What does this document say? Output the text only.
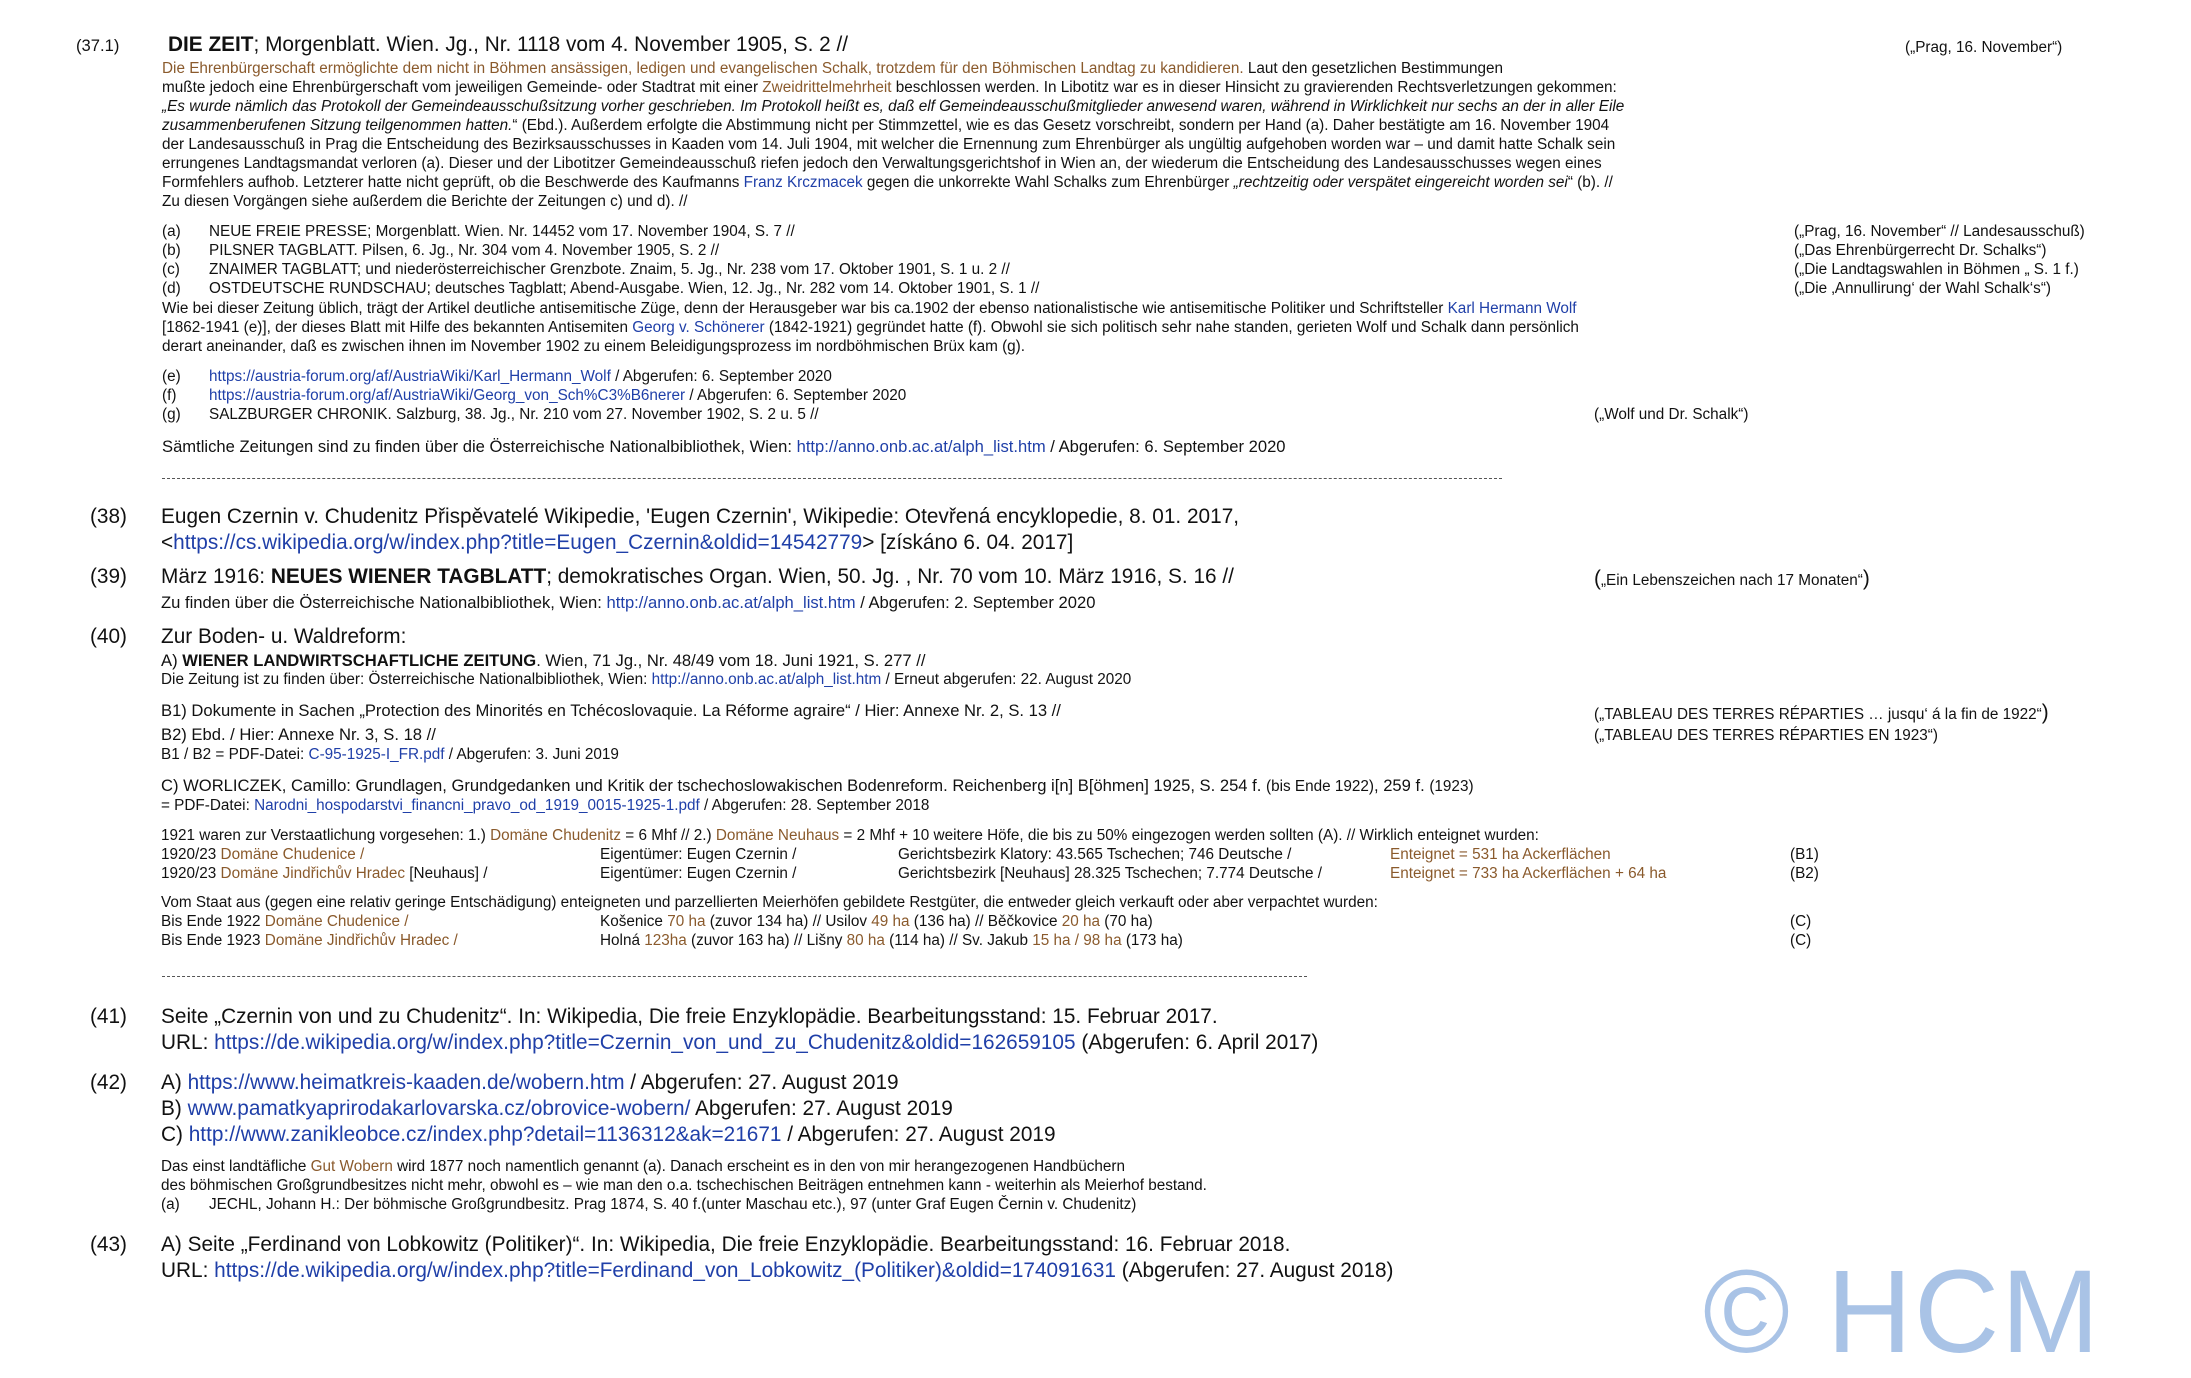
(37.1) DIE ZEIT; Morgenblatt. Wien. Jg., Nr. 1118 vom 4. November 1905, S. 2 //	(„Prag, 16. November“)
Die Ehrenbürgerschaft ermöglichte dem nicht in Böhmen ansässigen, ledigen und evangelischen Schalk, trotzdem für den Böhmischen Landtag zu kandidieren. Laut den gesetzlichen Bestimmungen
mußte jedoch eine Ehrenbürgerschaft vom jeweiligen Gemeinde- oder Stadtrat mit einer Zweidrittelmehrheit beschlossen werden. In Libotitz war es in dieser Hinsicht zu gravierenden Rechtsverletzungen gekommen:
„Es wurde nämlich das Protokoll der Gemeindeausschußsitzung vorher geschrieben. Im Protokoll heißt es, daß elf Gemeindeausschußmitglieder anwesend waren, während in Wirklichkeit nur sechs an der in aller Eile
zusammenberufenen Sitzung teilgenommen hatten.“ (Ebd.). Außerdem erfolgte die Abstimmung nicht per Stimmzettel, wie es das Gesetz vorschreibt, sondern per Hand (a). Daher bestätigte am 16. November 1904
der Landesausschuß in Prag die Entscheidung des Bezirksausschusses in Kaaden vom 14. Juli 1904, mit welcher die Ernennung zum Ehrenbürger als ungültig aufgehoben worden war – und damit hatte Schalk sein
errungenes Landtagsmandat verloren (a). Dieser und der Libotitzer Gemeindeausschuß riefen jedoch den Verwaltungsgerichtshof in Wien an, der wiederum die Entscheidung des Landesausschusses wegen eines
Formfehlers aufhob. Letzterer hatte nicht geprüft, ob die Beschwerde des Kaufmanns Franz Krczmacek gegen die unkorrekte Wahl Schalks zum Ehrenbürger „rechtzeitig oder verspätet eingereicht worden sei“ (b). //
Zu diesen Vorgängen siehe außerdem die Berichte der Zeitungen c) und d). //
(a) NEUE FREIE PRESSE; Morgenblatt. Wien. Nr. 14452 vom 17. November 1904, S. 7 //	(„Prag, 16. November“ // Landesausschuß)
(b) PILSNER TAGBLATT. Pilsen, 6. Jg., Nr. 304 vom 4. November 1905, S. 2 //	(„Das Ehrenbürgerrecht Dr. Schalks“)
(c) ZNAIMER TAGBLATT; und niederösterreichischer Grenzbote. Znaim, 5. Jg., Nr. 238 vom 17. Oktober 1901, S. 1 u. 2 //	(„Die Landtagswahlen in Böhmen „ S. 1 f.)
(d) OSTDEUTSCHE RUNDSCHAU; deutsches Tagblatt; Abend-Ausgabe. Wien, 12. Jg., Nr. 282 vom 14. Oktober 1901, S. 1 //	(„Die ‚Annullirung‘ der Wahl Schalk‘s“)
Wie bei dieser Zeitung üblich, trägt der Artikel deutliche antisemitische Züge, denn der Herausgeber war bis ca.1902 der ebenso nationalistische wie antisemitische Politiker und Schriftsteller Karl Hermann Wolf
[1862-1941 (e)], der dieses Blatt mit Hilfe des bekannten Antisemiten Georg v. Schönerer (1842-1921) gegründet hatte (f). Obwohl sie sich politisch sehr nahe standen, gerieten Wolf und Schalk dann persönlich
derart aneinander, daß es zwischen ihnen im November 1902 zu einem Beleidigungsprozess im nordböhmischen Brüx kam (g).
(e) https://austria-forum.org/af/AustriaWiki/Karl_Hermann_Wolf / Abgerufen: 6. September 2020
(f) https://austria-forum.org/af/AustriaWiki/Georg_von_Sch%C3%B6nerer / Abgerufen: 6. September 2020
(g) SALZBURGER CHRONIK. Salzburg, 38. Jg., Nr. 210 vom 27. November 1902, S. 2 u. 5 //	(„Wolf und Dr. Schalk“)
Sämtliche Zeitungen sind zu finden über die Österreichische Nationalbibliothek, Wien: http://anno.onb.ac.at/alph_list.htm / Abgerufen: 6. September 2020
(38) Eugen Czernin v. Chudenitz Přispěvatelé Wikipedie, 'Eugen Czernin', Wikipedie: Otevřená encyklopedie, 8. 01. 2017,
<https://cs.wikipedia.org/w/index.php?title=Eugen_Czernin&oldid=14542779> [získáno 6. 04. 2017]
(39) März 1916: NEUES WIENER TAGBLATT; demokratisches Organ. Wien, 50. Jg. , Nr. 70 vom 10. März 1916, S. 16 //	(„Ein Lebenszeichen nach 17 Monaten“)
Zu finden über die Österreichische Nationalbibliothek, Wien: http://anno.onb.ac.at/alph_list.htm / Abgerufen: 2. September 2020
(40) Zur Boden- u. Waldreform:
A) WIENER LANDWIRTSCHAFTLICHE ZEITUNG. Wien, 71 Jg., Nr. 48/49 vom 18. Juni 1921, S. 277 //
Die Zeitung ist zu finden über: Österreichische Nationalbibliothek, Wien: http://anno.onb.ac.at/alph_list.htm / Erneut abgerufen: 22. August 2020
B1) Dokumente in Sachen „Protection des Minorités en Tchécoslovaquie. La Réforme agraire“ / Hier: Annexe Nr. 2, S. 13 //	(„TABLEAU DES TERRES RÉPARTIES … jusqu‘ á la fin de 1922“)
B2) Ebd. / Hier: Annexe Nr. 3, S. 18 //	(„TABLEAU DES TERRES RÉPARTIES EN 1923“)
B1 / B2 = PDF-Datei: C-95-1925-I_FR.pdf / Abgerufen: 3. Juni 2019
C) WORLICZEK, Camillo: Grundlagen, Grundgedanken und Kritik der tschechoslowakischen Bodenreform. Reichenberg i[n] B[öhmen] 1925, S. 254 f. (bis Ende 1922), 259 f. (1923)
= PDF-Datei: Narodni_hospodarstvi_financni_pravo_od_1919_0015-1925-1.pdf / Abgerufen: 28. September 2018
1921 waren zur Verstaatlichung vorgesehen: 1.) Domäne Chudenitz = 6 Mhf // 2.) Domäne Neuhaus = 2 Mhf + 10 weitere Höfe, die bis zu 50% eingezogen werden sollten (A). // Wirklich enteignet wurden:
1920/23 Domäne Chudenice /	Eigentümer: Eugen Czernin /	Gerichtsbezirk Klatory: 43.565 Tschechen; 746 Deutsche /	Enteignet = 531 ha Ackerflächen	(B1)
1920/23 Domäne Jindřichův Hradec [Neuhaus] /	Eigentümer: Eugen Czernin /	Gerichtsbezirk [Neuhaus] 28.325 Tschechen; 7.774 Deutsche /	Enteignet = 733 ha Ackerflächen + 64 ha	(B2)
Vom Staat aus (gegen eine relativ geringe Entschädigung) enteigneten und parzellierten Meierhöfen gebildete Restgüter, die entweder gleich verkauft oder aber verpachtet wurden:
Bis Ende 1922 Domäne Chudenice /	Košenice 70 ha (zuvor 134 ha) // Usilov 49 ha (136 ha) // Běčkovice 20 ha (70 ha)	(C)
Bis Ende 1923 Domäne Jindřichův Hradec /	Holná 123ha (zuvor 163 ha) // Lišny 80 ha (114 ha) // Sv. Jakub 15 ha / 98 ha (173 ha)	(C)
(41) Seite „Czernin von und zu Chudenitz“. In: Wikipedia, Die freie Enzyklopädie. Bearbeitungsstand: 15. Februar 2017.
URL: https://de.wikipedia.org/w/index.php?title=Czernin_von_und_zu_Chudenitz&oldid=162659105 (Abgerufen: 6. April 2017)
(42) A) https://www.heimatkreis-kaaden.de/wobern.htm / Abgerufen: 27. August 2019
B) www.pamatkyaprirodakarlovarska.cz/obrovice-wobern/ Abgerufen: 27. August 2019
C) http://www.zanikleobce.cz/index.php?detail=1136312&ak=21671 / Abgerufen: 27. August 2019
Das einst landtäfliche Gut Wobern wird 1877 noch namentlich genannt (a). Danach erscheint es in den von mir herangezogenen Handbüchern
des böhmischen Großgrundbesitzes nicht mehr, obwohl es – wie man den o.a. tschechischen Beiträgen entnehmen kann - weiterhin als Meierhof bestand.
(a) JECHL, Johann H.: Der böhmische Großgrundbesitz. Prag 1874, S. 40 f.(unter Maschau etc.), 97 (unter Graf Eugen Černin v. Chudenitz)
(43) A) Seite „Ferdinand von Lobkowitz (Politiker)“. In: Wikipedia, Die freie Enzyklopädie. Bearbeitungsstand: 16. Februar 2018.
URL: https://de.wikipedia.org/w/index.php?title=Ferdinand_von_Lobkowitz_(Politiker)&oldid=174091631 (Abgerufen: 27. August 2018)	© HCM
